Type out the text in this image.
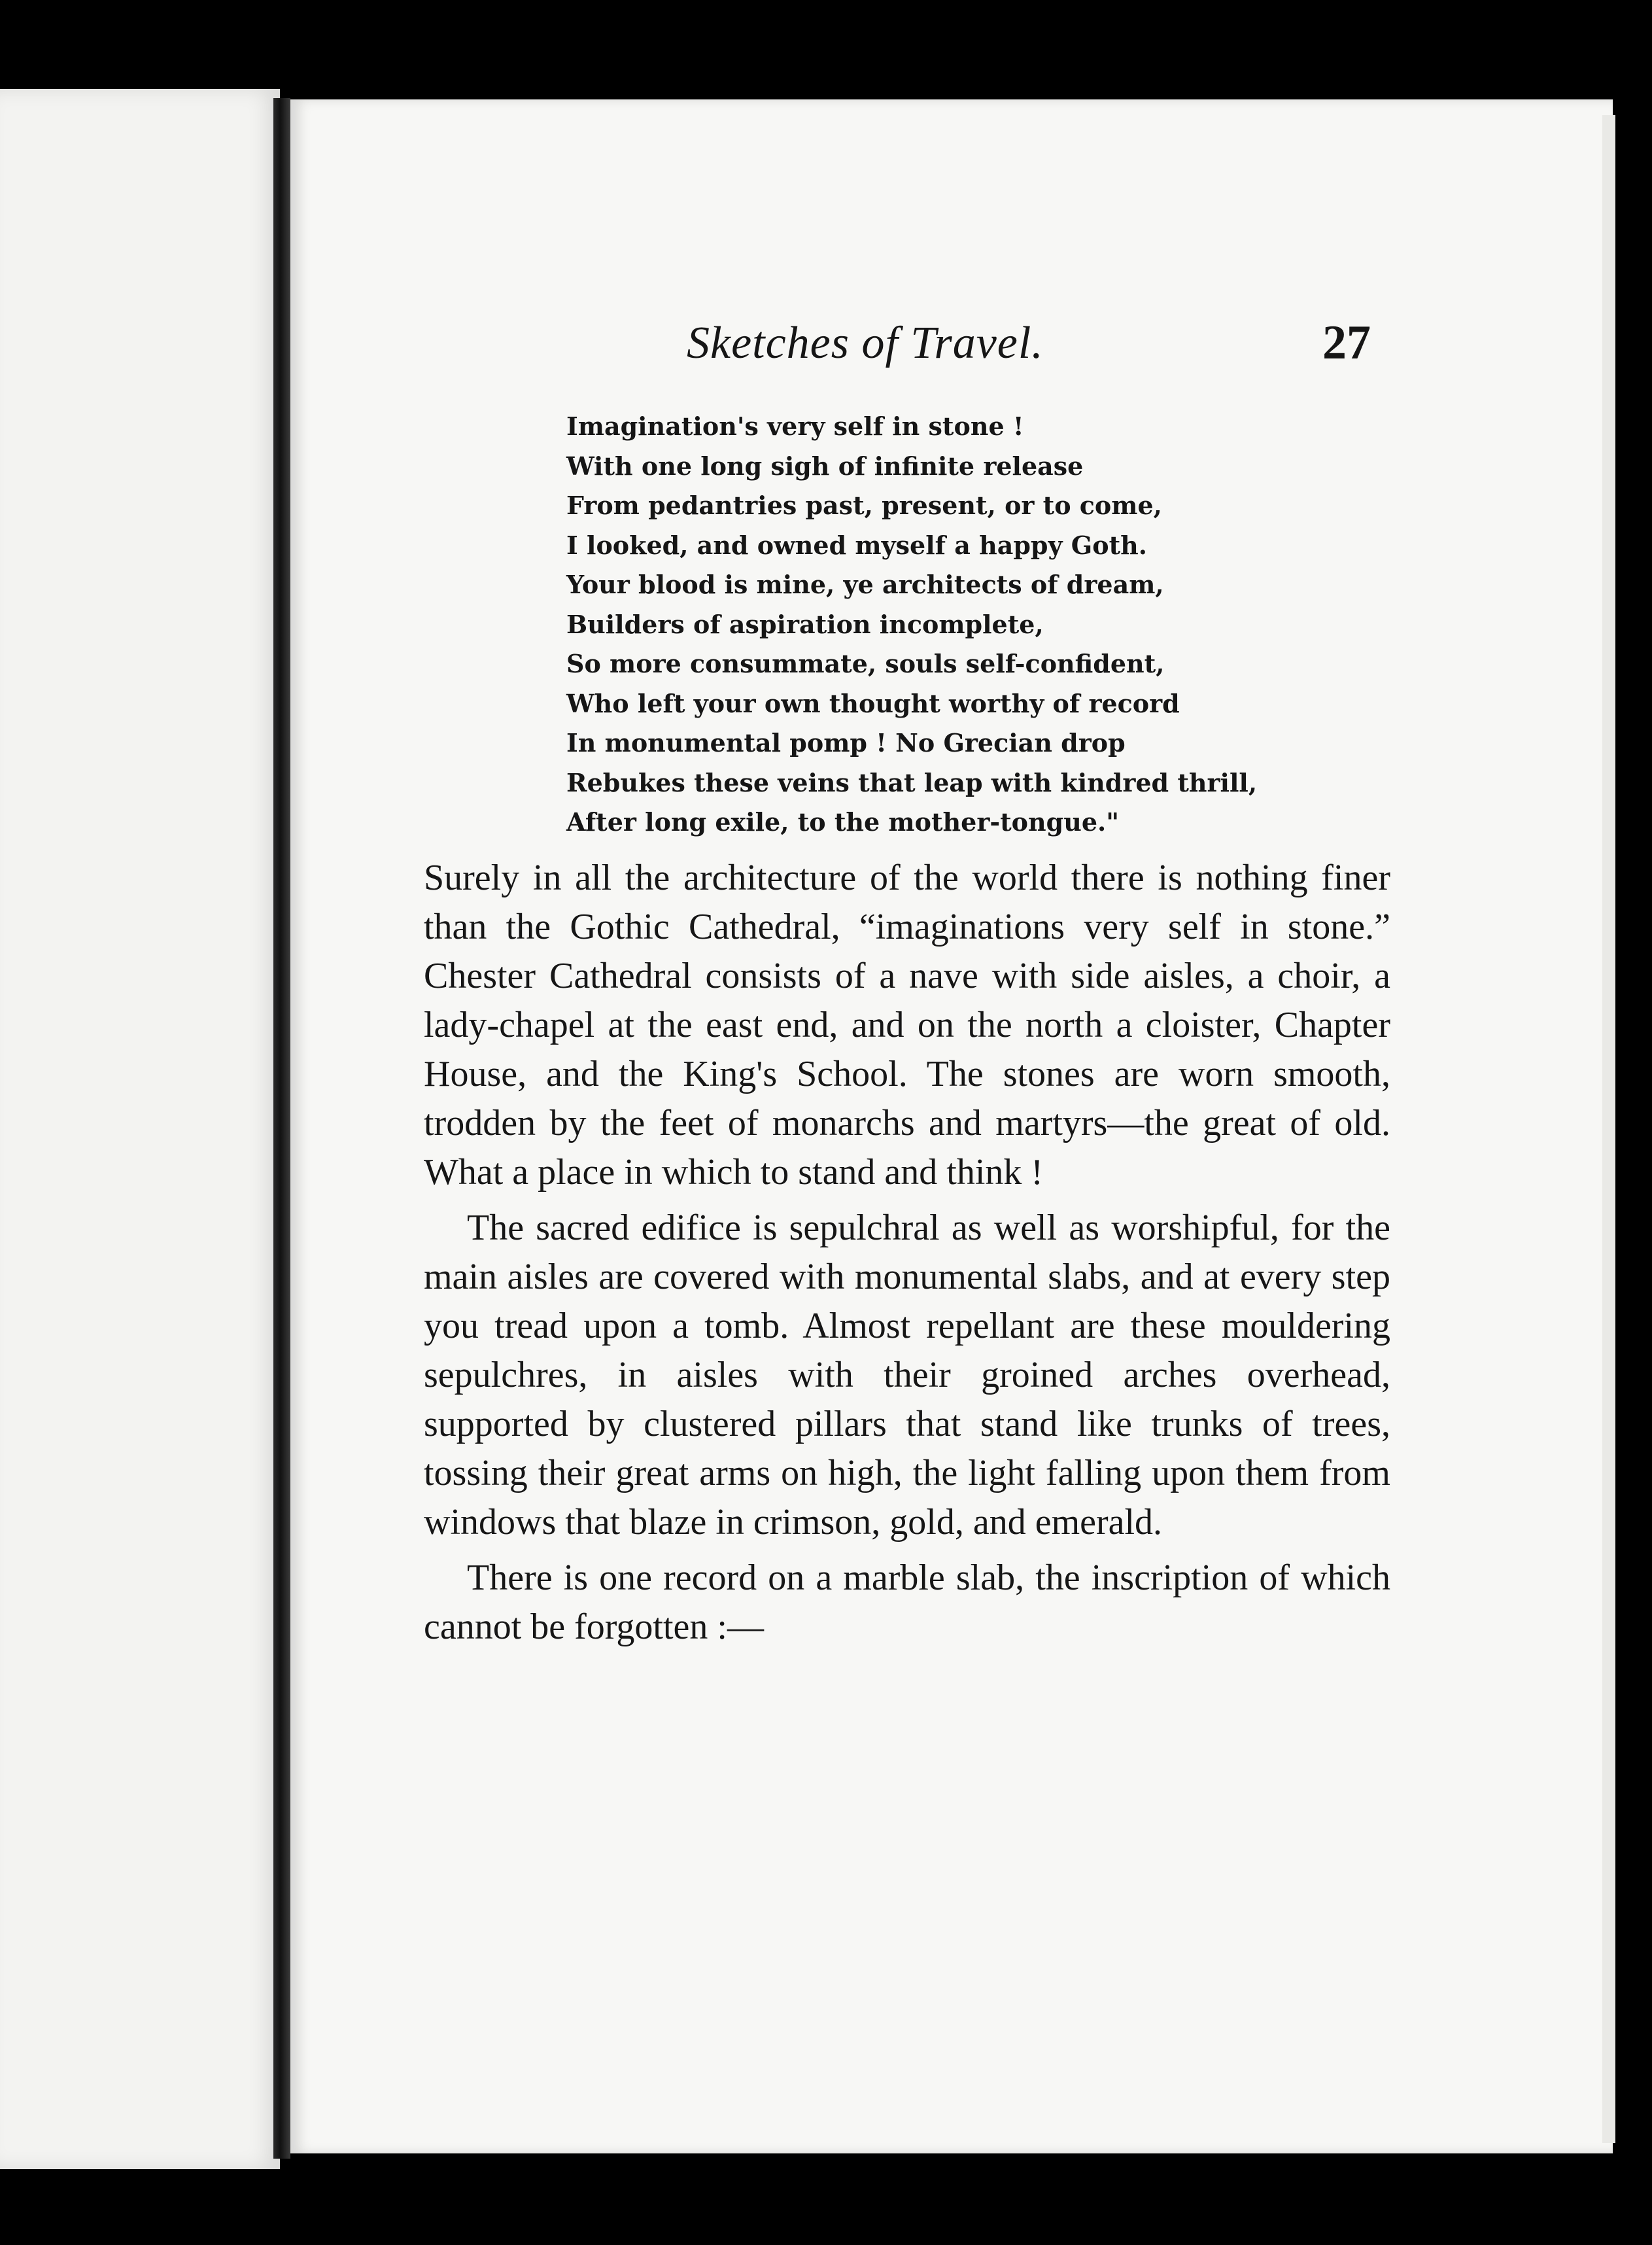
Sketches of Travel.	27
Imagination's very self in stone !
With one long sigh of infinite release
From pedantries past, present, or to come,
I looked, and owned myself a happy Goth.
Your blood is mine, ye architects of dream,
Builders of aspiration incomplete,
So more consummate, souls self-confident,
Who left your own thought worthy of record
In monumental pomp ! No Grecian drop
Rebukes these veins that leap with kindred thrill,
After long exile, to the mother-tongue."

Surely in all the architecture of the world there is nothing finer than the Gothic Cathedral, “imaginations very self in stone.” Chester Cathedral consists of a nave with side aisles, a choir, a lady-chapel at the east end, and on the north a cloister, Chapter House, and the King's School. The stones are worn smooth, trodden by the feet of monarchs and martyrs—the great of old. What a place in which to stand and think !

The sacred edifice is sepulchral as well as worshipful, for the main aisles are covered with monumental slabs, and at every step you tread upon a tomb. Almost repellant are these mouldering sepulchres, in aisles with their groined arches overhead, supported by clustered pillars that stand like trunks of trees, tossing their great arms on high, the light falling upon them from windows that blaze in crimson, gold, and emerald.

There is one record on a marble slab, the inscription of which cannot be forgotten :—
